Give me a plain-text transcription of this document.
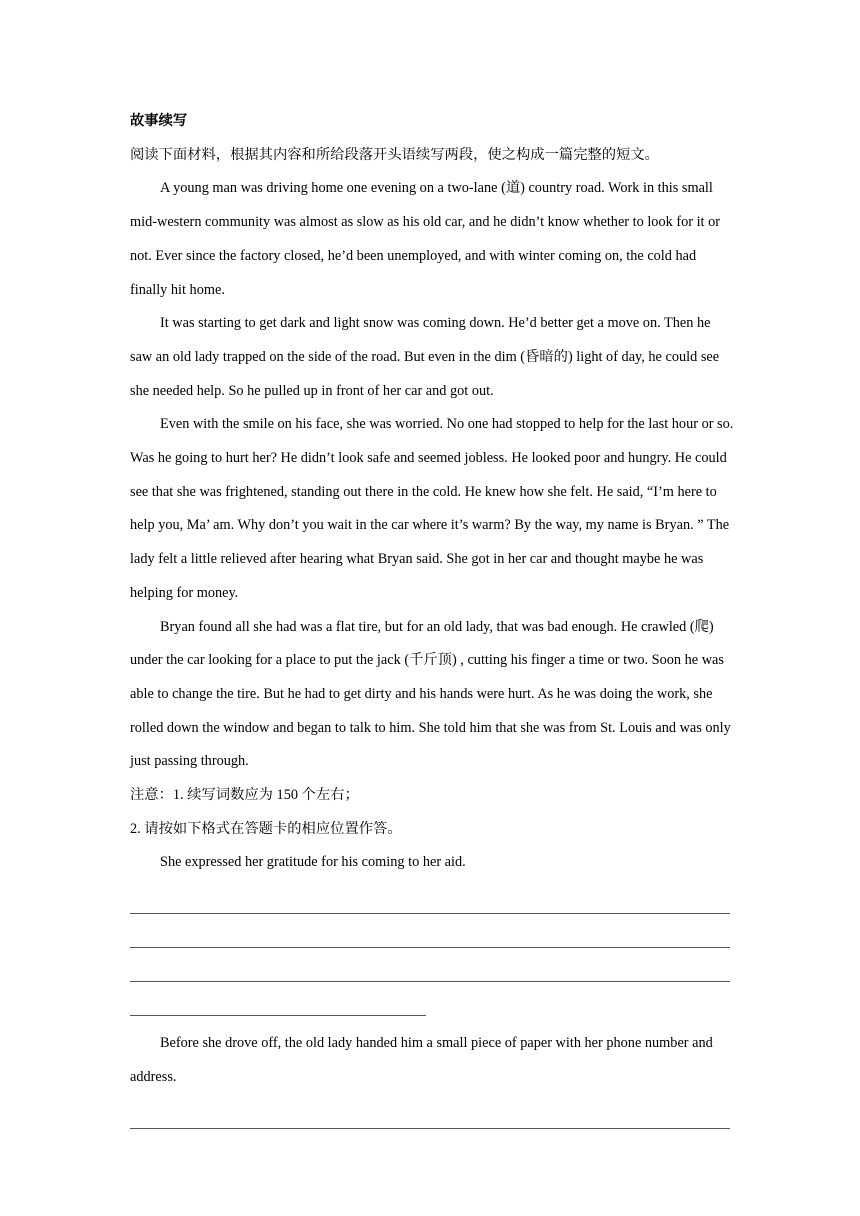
故事续写

阅读下面材料，根据其内容和所给段落开头语续写两段，使之构成一篇完整的短文。

A young man was driving home one evening on a two-lane (道) country road. Work in this small mid-western community was almost as slow as his old car, and he didn’t know whether to look for it or not. Ever since the factory closed, he’d been unemployed, and with winter coming on, the cold had finally hit home.

It was starting to get dark and light snow was coming down. He’d better get a move on. Then he saw an old lady trapped on the side of the road. But even in the dim (昏暗的) light of day, he could see she needed help. So he pulled up in front of her car and got out.

Even with the smile on his face, she was worried. No one had stopped to help for the last hour or so. Was he going to hurt her? He didn’t look safe and seemed jobless. He looked poor and hungry. He could see that she was frightened, standing out there in the cold. He knew how she felt. He said, “I’m here to help you, Ma’ am. Why don’t you wait in the car where it’s warm? By the way, my name is Bryan. ” The lady felt a little relieved after hearing what Bryan said. She got in her car and thought maybe he was helping for money.

Bryan found all she had was a flat tire, but for an old lady, that was bad enough. He crawled (爬) under the car looking for a place to put the jack (千斤顶) , cutting his finger a time or two. Soon he was able to change the tire. But he had to get dirty and his hands were hurt. As he was doing the work, she rolled down the window and began to talk to him. She told him that she was from St. Louis and was only just passing through.

注意：1. 续写词数应为 150 个左右；

2. 请按如下格式在答题卡的相应位置作答。

She expressed her gratitude for his coming to her aid.

Before she drove off, the old lady handed him a small piece of paper with her phone number and address.
